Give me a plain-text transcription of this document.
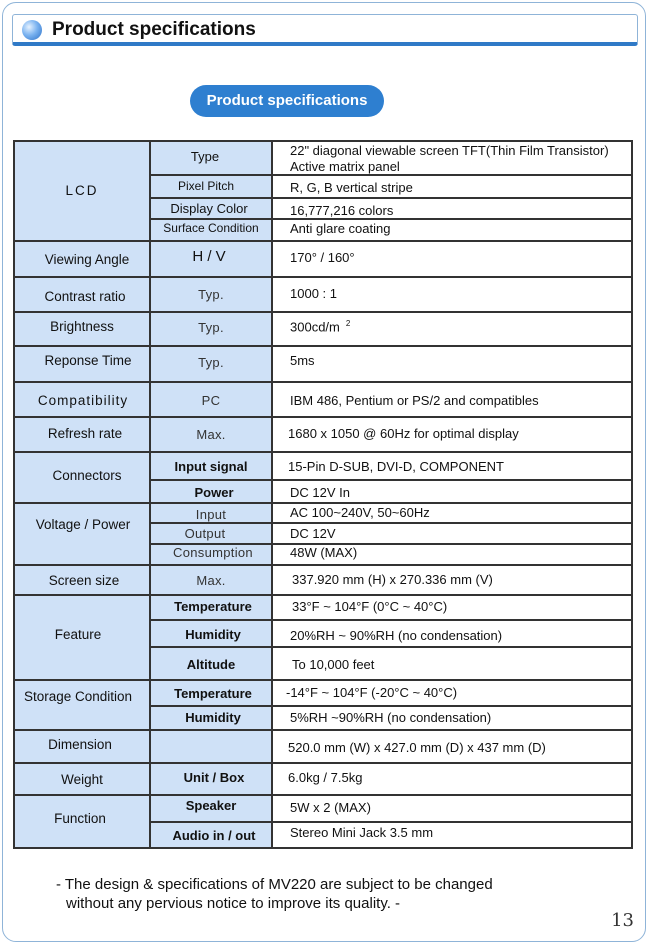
Product specifications
Product specifications
LCD
Type	22" diagonal viewable screen TFT(Thin Film Transistor) Active matrix panel
Pixel Pitch	R, G, B vertical stripe
Display Color	16,777,216 colors
Surface Condition	Anti glare coating
Viewing Angle	H / V	170° / 160°
Contrast ratio	Typ.	1000 : 1
Brightness	Typ.	300cd/m $^2$
Reponse Time	Typ.	5ms
Compatibility	PC	IBM 486, Pentium or PS/2 and compatibles
Refresh rate	Max.	1680 x 1050 @ 60Hz for optimal display
Connectors
Input signal	15-Pin D-SUB, DVI-D, COMPONENT
Power	DC 12V In
Voltage / Power
Input	AC 100~240V, 50~60Hz
Output	DC 12V
Consumption	48W (MAX)
Screen size	Max.	337.920 mm (H) x 270.336 mm (V)
Feature
Temperature	33°F ~ 104°F (0°C ~ 40°C)
Humidity	20%RH ~ 90%RH (no condensation)
Altitude	To 10,000 feet
Storage Condition	Temperature	-14°F ~ 104°F (-20°C ~ 40°C)
Humidity	5%RH ~90%RH (no condensation)
Dimension	520.0 mm (W) x 427.0 mm (D) x 437 mm (D)
Weight	Unit / Box	6.0kg / 7.5kg
Function
Speaker	5W x 2 (MAX)
Audio in / out	Stereo Mini Jack 3.5 mm
- The design & specifications of MV220 are subject to be changed
without any pervious notice to improve its quality. -
13
